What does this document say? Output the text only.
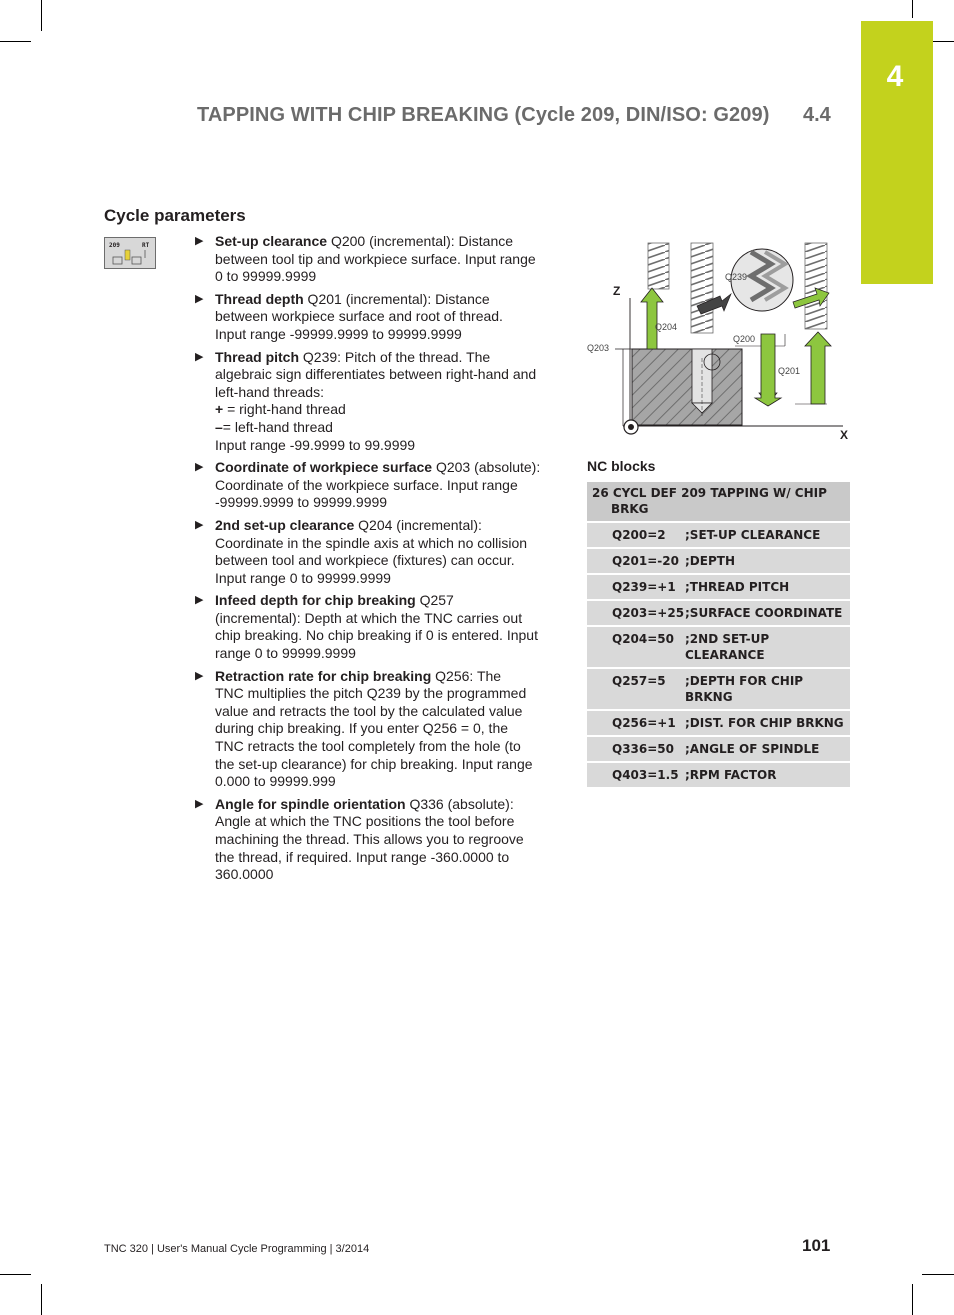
4
TAPPING WITH CHIP BREAKING (Cycle 209, DIN/ISO: G209) 4.4
Cycle parameters
209	RT	▶ Set-up clearance Q200 (incremental): Distance
between tool tip and workpiece surface. Input range
0 to 99999.9999
▶ Thread depth Q201 (incremental): Distance
between workpiece surface and root of thread.
Input range -99999.9999 to 99999.9999
▶ Thread pitch Q239: Pitch of the thread. The
algebraic sign differentiates between right-hand and
left-hand threads:
+ = right-hand thread
–= left-hand thread
Input range -99.9999 to 99.9999
▶ Coordinate of workpiece surface Q203 (absolute):
Coordinate of the workpiece surface. Input range
-99999.9999 to 99999.9999
▶ 2nd set-up clearance Q204 (incremental):
Coordinate in the spindle axis at which no collision
between tool and workpiece (fixtures) can occur.
Input range 0 to 99999.9999
▶ Infeed depth for chip breaking Q257
(incremental): Depth at which the TNC carries out
chip breaking. No chip breaking if 0 is entered. Input
range 0 to 99999.9999
▶ Retraction rate for chip breaking Q256: The
TNC multiplies the pitch Q239 by the programmed
value and retracts the tool by the calculated value
during chip breaking. If you enter Q256 = 0, the
TNC retracts the tool completely from the hole (to
the set-up clearance) for chip breaking. Input range
0.000 to 99999.999
▶ Angle for spindle orientation Q336 (absolute):
Angle at which the TNC positions the tool before
machining the thread. This allows you to regroove
the thread, if required. Input range -360.0000 to
360.0000
Z
X
Q204
Q203
Q239
Q200
Q201
NC blocks
26 CYCL DEF 209 TAPPING W/ CHIP
BRKG
Q200=2	;SET-UP CLEARANCE
Q201=-20 ;DEPTH
Q239=+1 ;THREAD PITCH
Q203=+25 ;SURFACE COORDINATE
Q204=50 ;2ND SET-UP
CLEARANCE
Q257=5	;DEPTH FOR CHIP
BRKNG
Q256=+1 ;DIST. FOR CHIP BRKNG
Q336=50 ;ANGLE OF SPINDLE
Q403=1.5 ;RPM FACTOR
TNC 320 | User's Manual Cycle Programming | 3/2014	101
